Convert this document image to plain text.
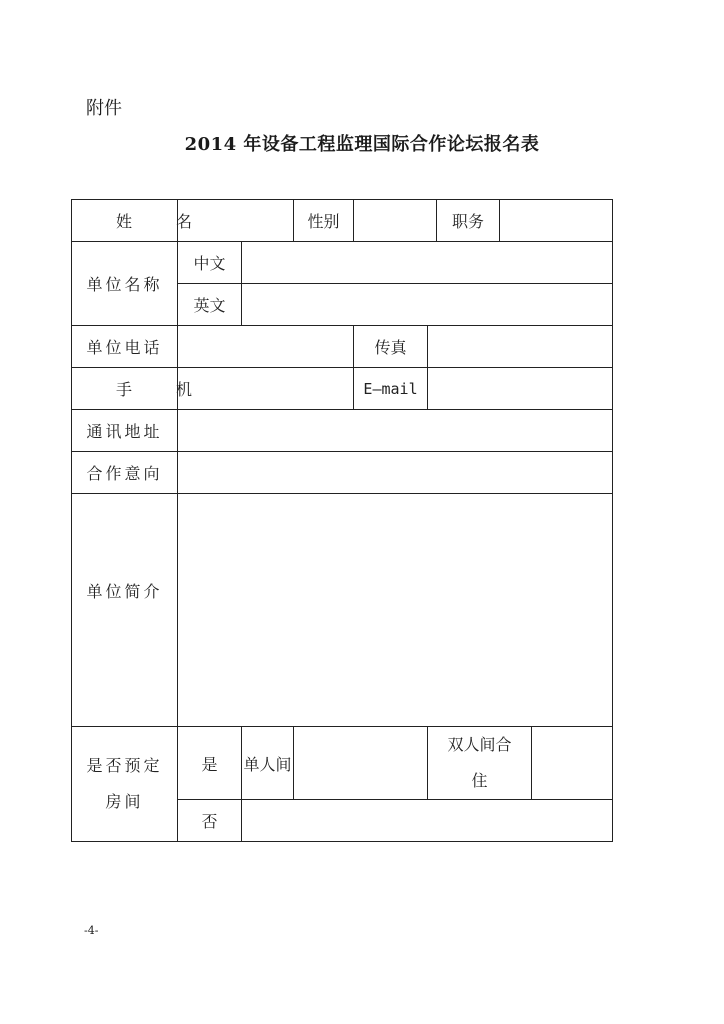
附件
2014 年设备工程监理国际合作论坛报名表
姓名			性别			职务		
单位名称	中文							
	英文							
单位电话				传真				
手机				E—mail				
通讯地址								
合作意向								
单位简介								
是否预定房间	是	单人间			双人间合住			
	否							
-4-
